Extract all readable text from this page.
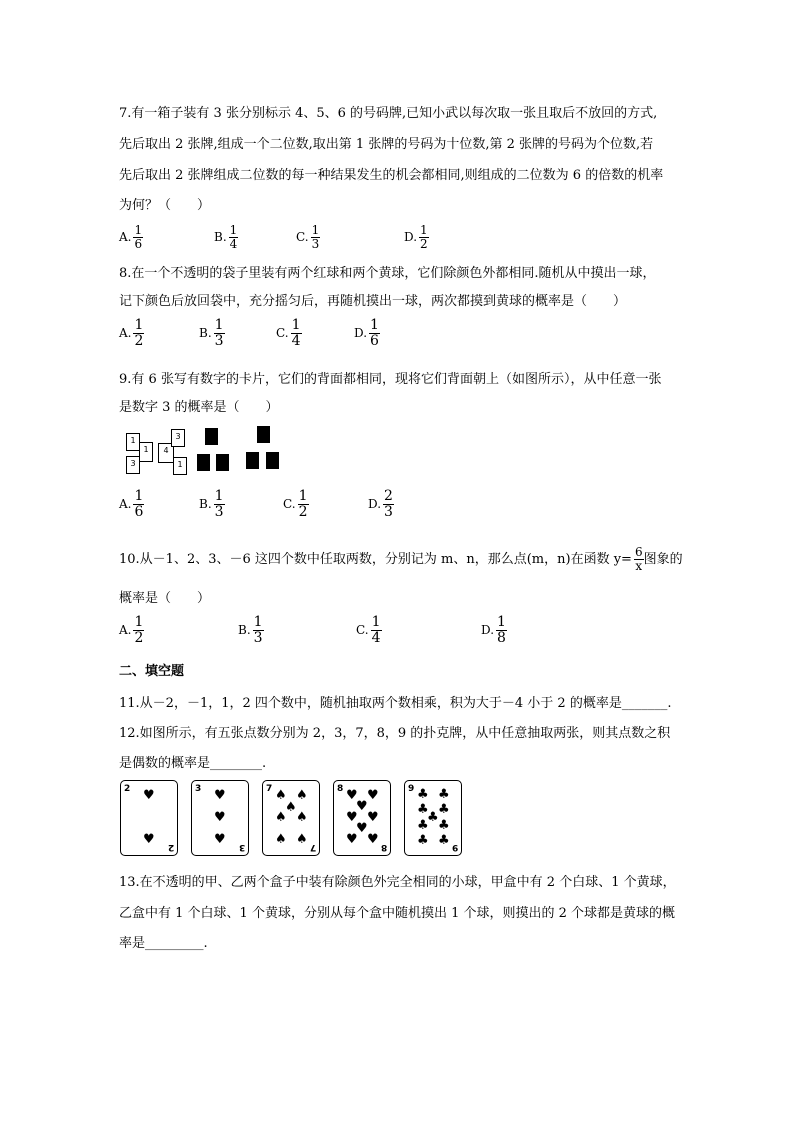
7.有一箱子装有 3 张分别标示 4、5、6 的号码牌,已知小武以每次取一张且取后不放回的方式,
先后取出 2 张牌,组成一个二位数,取出第 1 张牌的号码为十位数,第 2 张牌的号码为个位数,若
先后取出 2 张牌组成二位数的每一种结果发生的机会都相同,则组成的二位数为 6 的倍数的机率
为何？（　　）
A. $\frac{1}{6}$	B. $\frac{1}{4}$	C. $\frac{1}{3}$	D. $\frac{1}{2}$
8.在一个不透明的袋子里装有两个红球和两个黄球，它们除颜色外都相同.随机从中摸出一球，
记下颜色后放回袋中，充分摇匀后，再随机摸出一球，两次都摸到黄球的概率是（　　）
A. $\frac{1}{2}$	B. $\frac{1}{3}$	C. $\frac{1}{4}$	D. $\frac{1}{6}$
9.有 6 张写有数字的卡片，它们的背面都相同，现将它们背面朝上（如图所示），从中任意一张
是数字 3 的概率是（　　）
1
3
1	4
3
1
A. $\frac{1}{6}$	B. $\frac{1}{3}$	C. $\frac{1}{2}$	D. $\frac{2}{3}$
10.从－1、2、3、－6 这四个数中任取两数，分别记为 m、n，那么点(m，n)在函数 $y= \frac{6}{x}$ 图象的
概率是（　　）
A. $\frac{1}{2}$	B. $\frac{1}{3}$	C. $\frac{1}{4}$	D. $\frac{1}{8}$
二、填空题
11.从－2，－1，1，2 四个数中，随机抽取两个数相乘，积为大于－4 小于 2 的概率是_______.
12.如图所示，有五张点数分别为 2，3，7，8，9 的扑克牌，从中任意抽取两张，则其点数之积
是偶数的概率是________.
2
2
♥
♥
3
3
♥
♥
♥
7
7
♠ ♠
♠
♠ ♠
♠ ♠
8
8
♥ ♥
♥
♥ ♥
♥
♥ ♥
9
9
♣ ♣
♣ ♣
♣
♣ ♣
♣ ♣
13.在不透明的甲、乙两个盒子中装有除颜色外完全相同的小球，甲盒中有 2 个白球、1 个黄球，
乙盒中有 1 个白球、1 个黄球，分别从每个盒中随机摸出 1 个球，则摸出的 2 个球都是黄球的概
率是_________.
